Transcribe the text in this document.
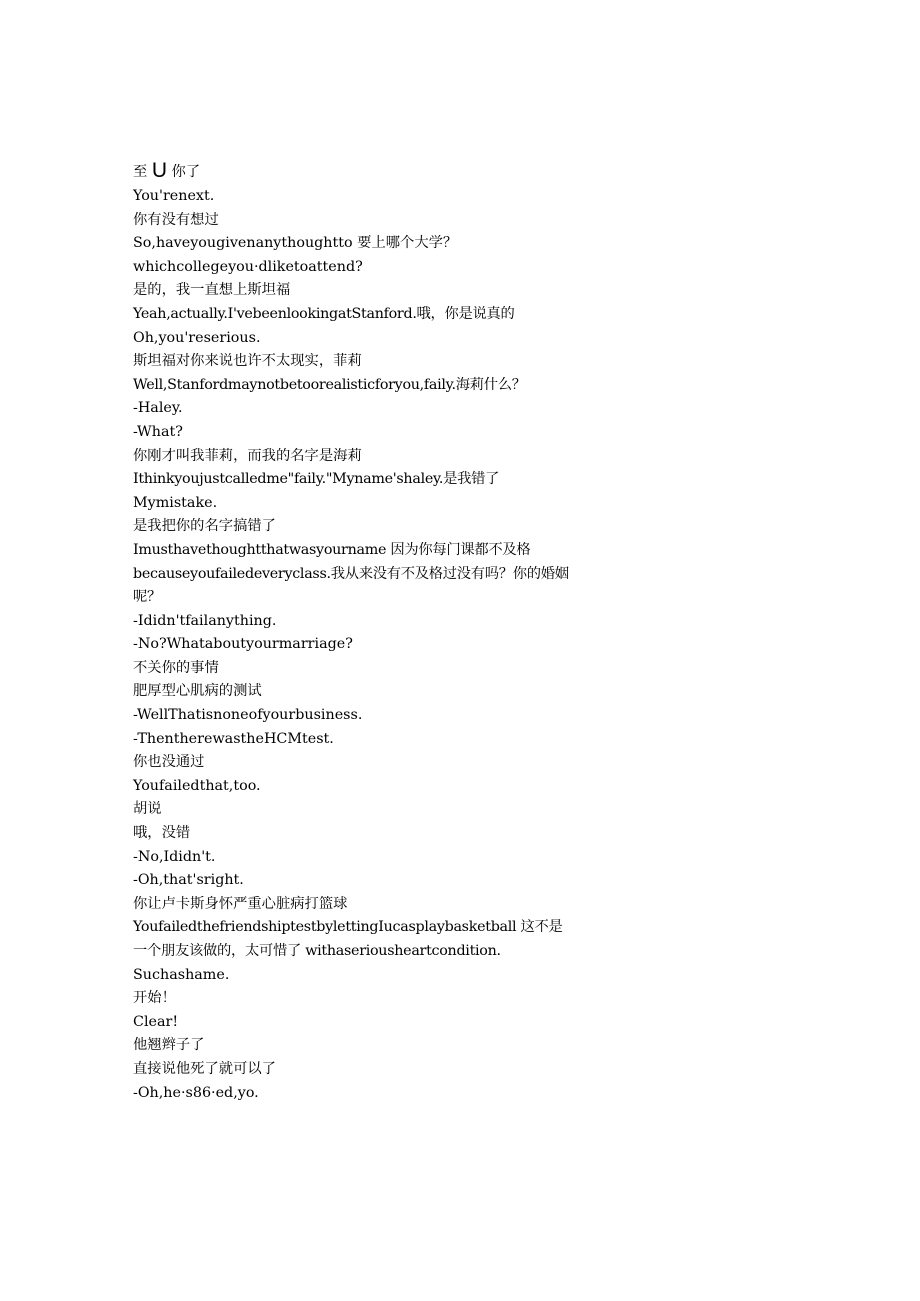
至 U 你了
You'renext.
你有没有想过
So,haveyougivenanythoughtto 要上哪个大学？
whichcollegeyou·dliketoattend?
是的，我一直想上斯坦福
Yeah,actually.I'vebeenlookingatStanford.哦，你是说真的
Oh,you'reserious.
斯坦福对你来说也许不太现实，菲莉
Well,Stanfordmaynotbetoorealisticforyou,faily.海莉什么？
-Haley.
-What?
你刚才叫我菲莉，而我的名字是海莉
Ithinkyoujustcalledme"faily."Myname'shaley.是我错了
Mymistake.
是我把你的名字搞错了
Imusthavethoughtthatwasyourname 因为你每门课都不及格
becauseyoufailedeveryclass.我从来没有不及格过没有吗？你的婚姻呢？
-Ididn'tfailanything.
-No?Whataboutyourmarriage?
不关你的事情
肥厚型心肌病的测试
-WellThatisnoneofyourbusiness.
-ThentherewastheHCMtest.
你也没通过
Youfailedthat,too.
胡说
哦，没错
-No,Ididn't.
-Oh,that'sright.
你让卢卡斯身怀严重心脏病打篮球
YoufailedthefriendshiptestbylettingIucasplaybasketball 这不是一个朋友该做的，太可惜了 withaseriousheartcondition.
Suchashame.
开始！
Clear!
他翘辫子了
直接说他死了就可以了
-Oh,he·s86·ed,yo.
